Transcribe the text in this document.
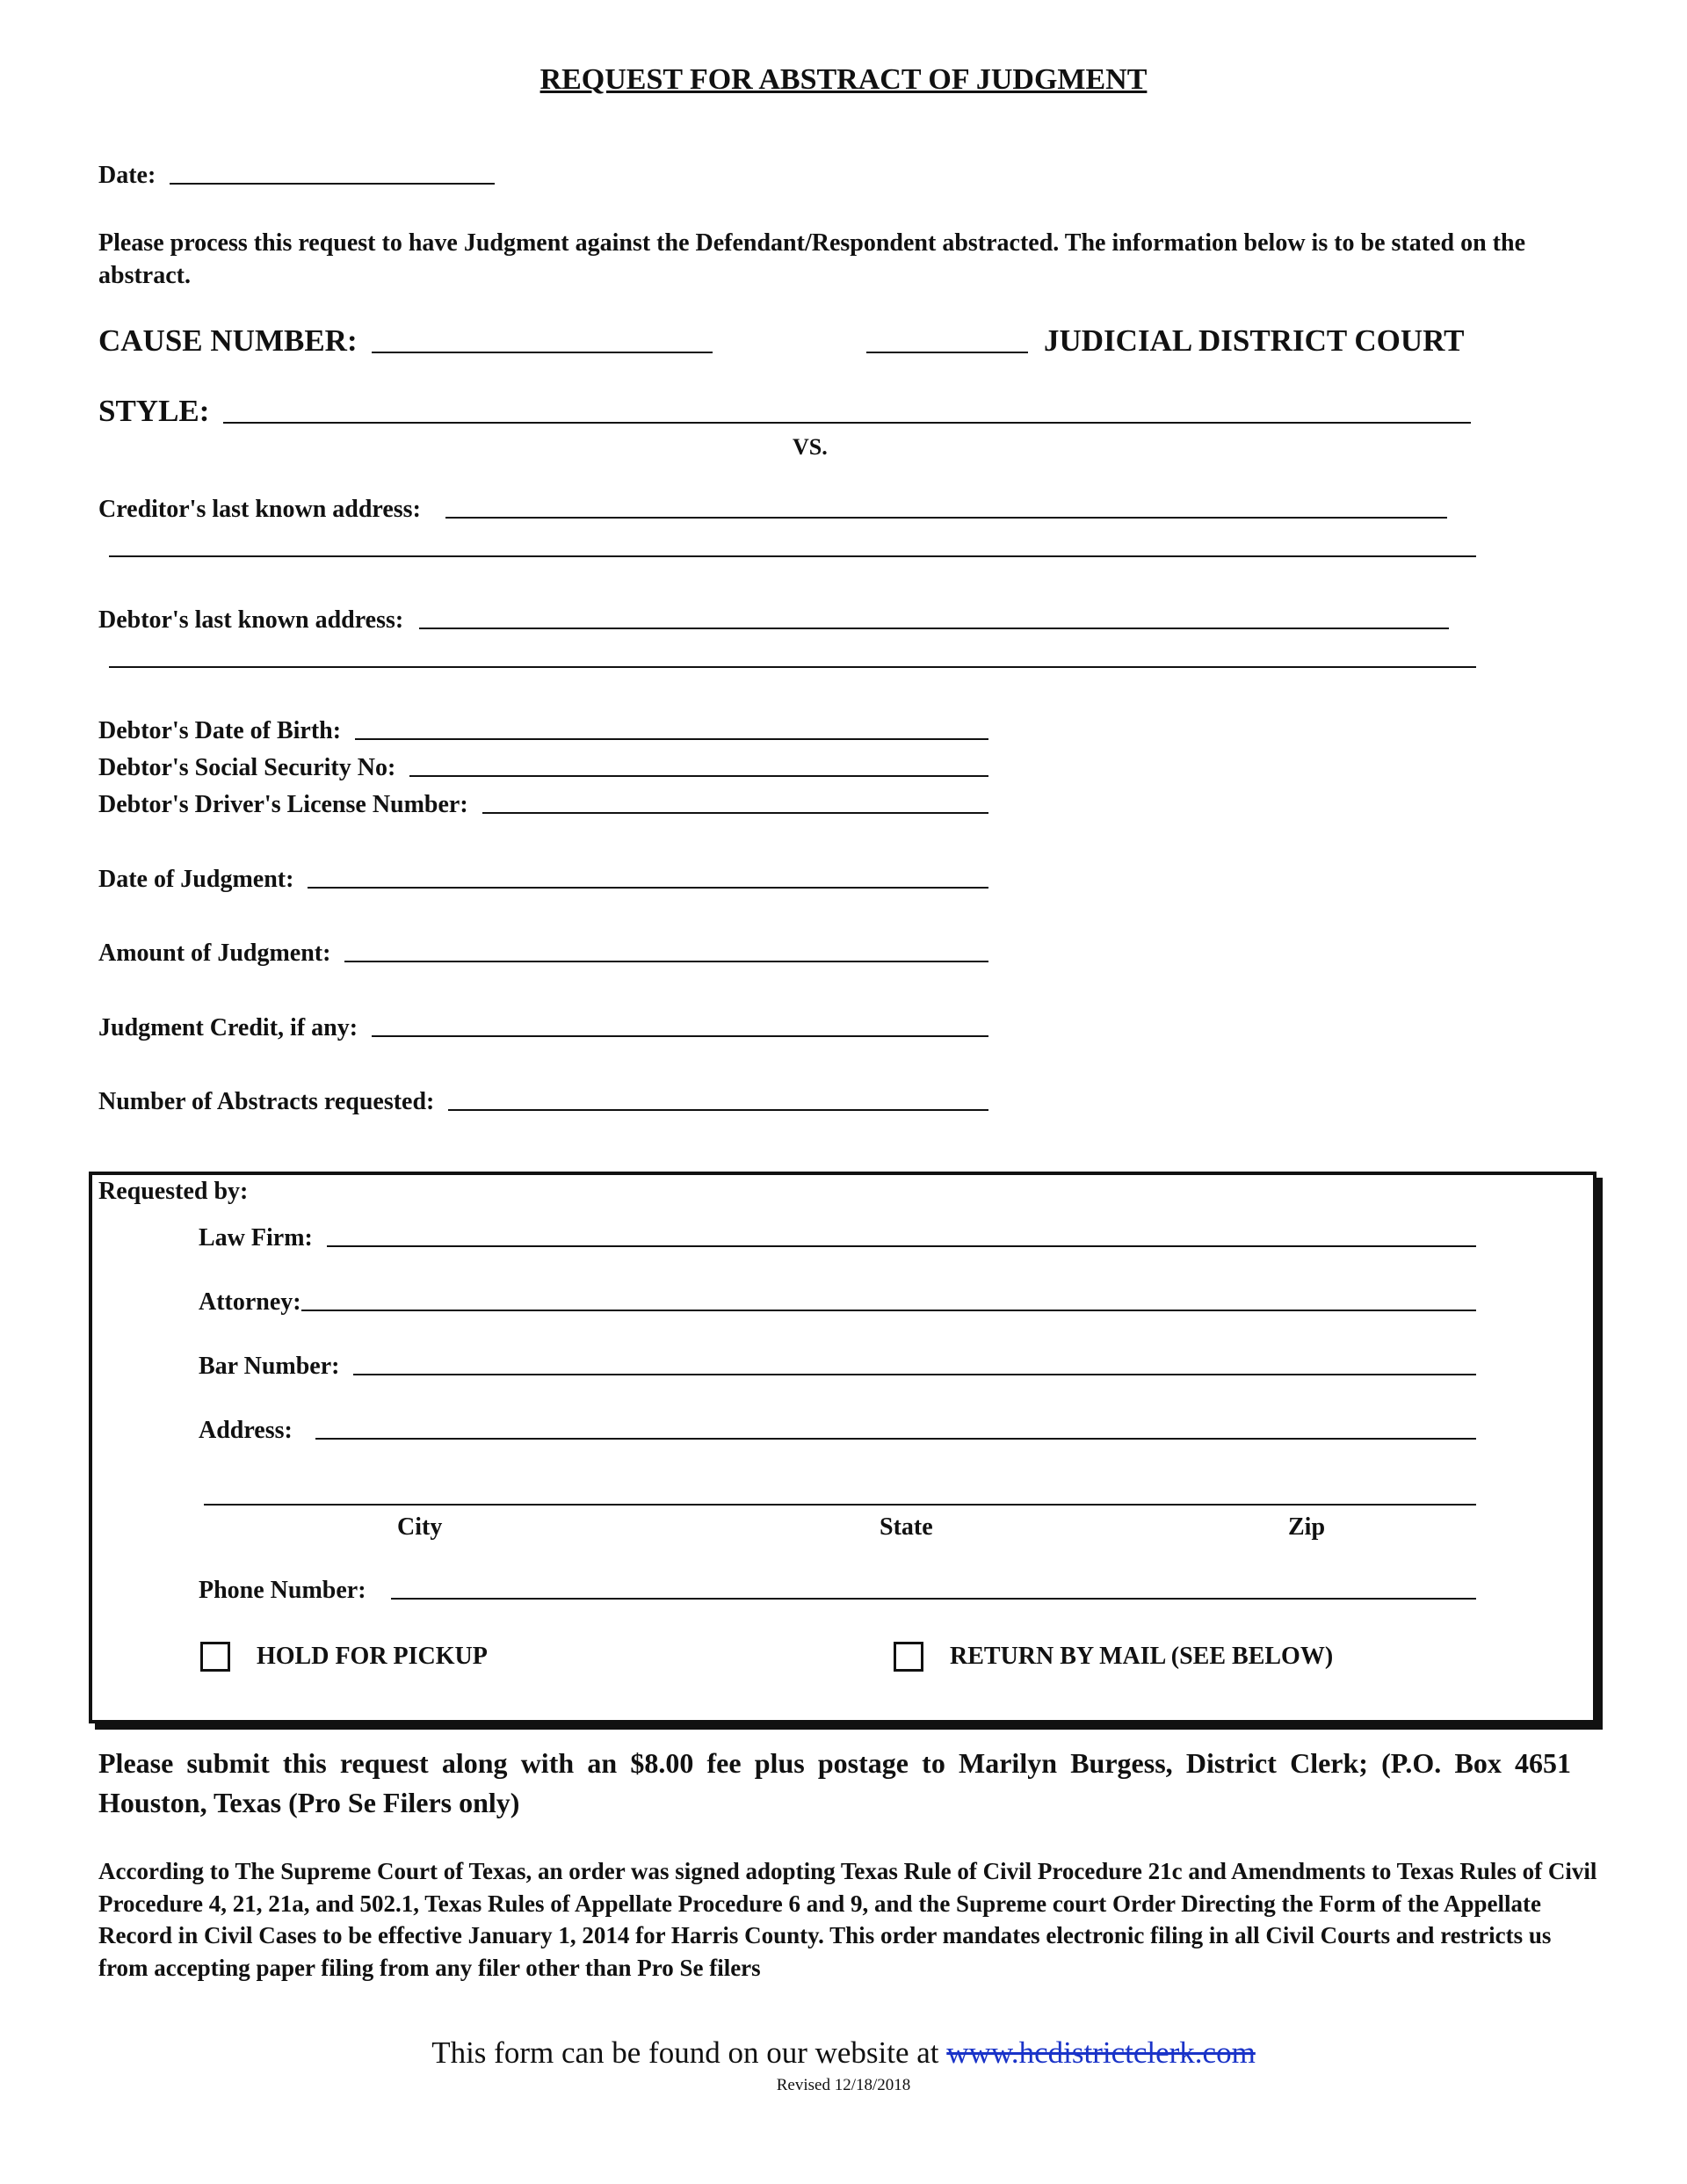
REQUEST FOR ABSTRACT OF JUDGMENT
Date:
Please process this request to have Judgment against the Defendant/Respondent abstracted. The information below is to be stated on the abstract.
CAUSE NUMBER:	JUDICIAL DISTRICT COURT
STYLE:
VS.
Creditor's last known address:
Debtor's last known address:
Debtor's Date of Birth:
Debtor's Social Security No:
Debtor's Driver's License Number:
Date of Judgment:
Amount of Judgment:
Judgment Credit, if any:
Number of Abstracts requested:
Requested by:
Law Firm:
Attorney:
Bar Number:
Address:
City	State	Zip
Phone Number:
HOLD FOR PICKUP	RETURN BY MAIL (SEE BELOW)
Please submit this request along with an $8.00 fee plus postage to Marilyn Burgess, District Clerk; (P.O. Box 4651 Houston, Texas (Pro Se Filers only)
According to The Supreme Court of Texas, an order was signed adopting Texas Rule of Civil Procedure 21c and Amendments to Texas Rules of Civil Procedure 4, 21, 21a, and 502.1, Texas Rules of Appellate Procedure 6 and 9, and the Supreme court Order Directing the Form of the Appellate Record in Civil Cases to be effective January 1, 2014 for Harris County. This order mandates electronic filing in all Civil Courts and restricts us from accepting paper filing from any filer other than Pro Se filers
This form can be found on our website at www.hcdistrictclerk.com
Revised 12/18/2018
